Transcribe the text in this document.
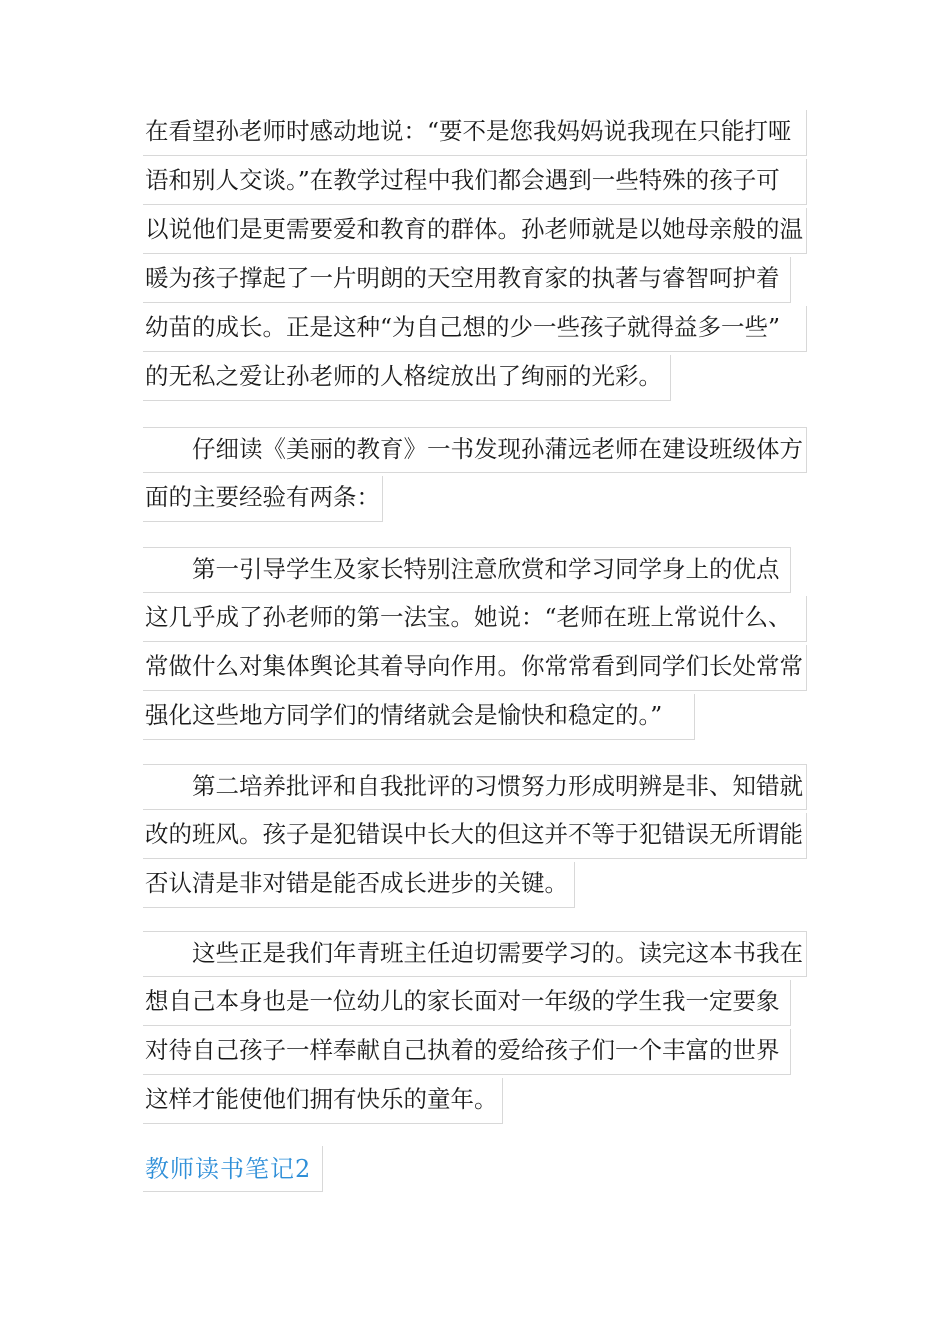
在看望孙老师时感动地说：“要不是您我妈妈说我现在只能打哑
语和别人交谈。”在教学过程中我们都会遇到一些特殊的孩子可
以说他们是更需要爱和教育的群体。孙老师就是以她母亲般的温
暖为孩子撑起了一片明朗的天空用教育家的执著与睿智呵护着
幼苗的成长。正是这种“为自己想的少一些孩子就得益多一些”
的无私之爱让孙老师的人格绽放出了绚丽的光彩。
仔细读《美丽的教育》一书发现孙蒲远老师在建设班级体方
面的主要经验有两条：
第一引导学生及家长特别注意欣赏和学习同学身上的优点
这几乎成了孙老师的第一法宝。她说：“老师在班上常说什么、
常做什么对集体舆论其着导向作用。你常常看到同学们长处常常
强化这些地方同学们的情绪就会是愉快和稳定的。”
第二培养批评和自我批评的习惯努力形成明辨是非、知错就
改的班风。孩子是犯错误中长大的但这并不等于犯错误无所谓能
否认清是非对错是能否成长进步的关键。
这些正是我们年青班主任迫切需要学习的。读完这本书我在
想自己本身也是一位幼儿的家长面对一年级的学生我一定要象
对待自己孩子一样奉献自己执着的爱给孩子们一个丰富的世界
这样才能使他们拥有快乐的童年。
教师读书笔记2
